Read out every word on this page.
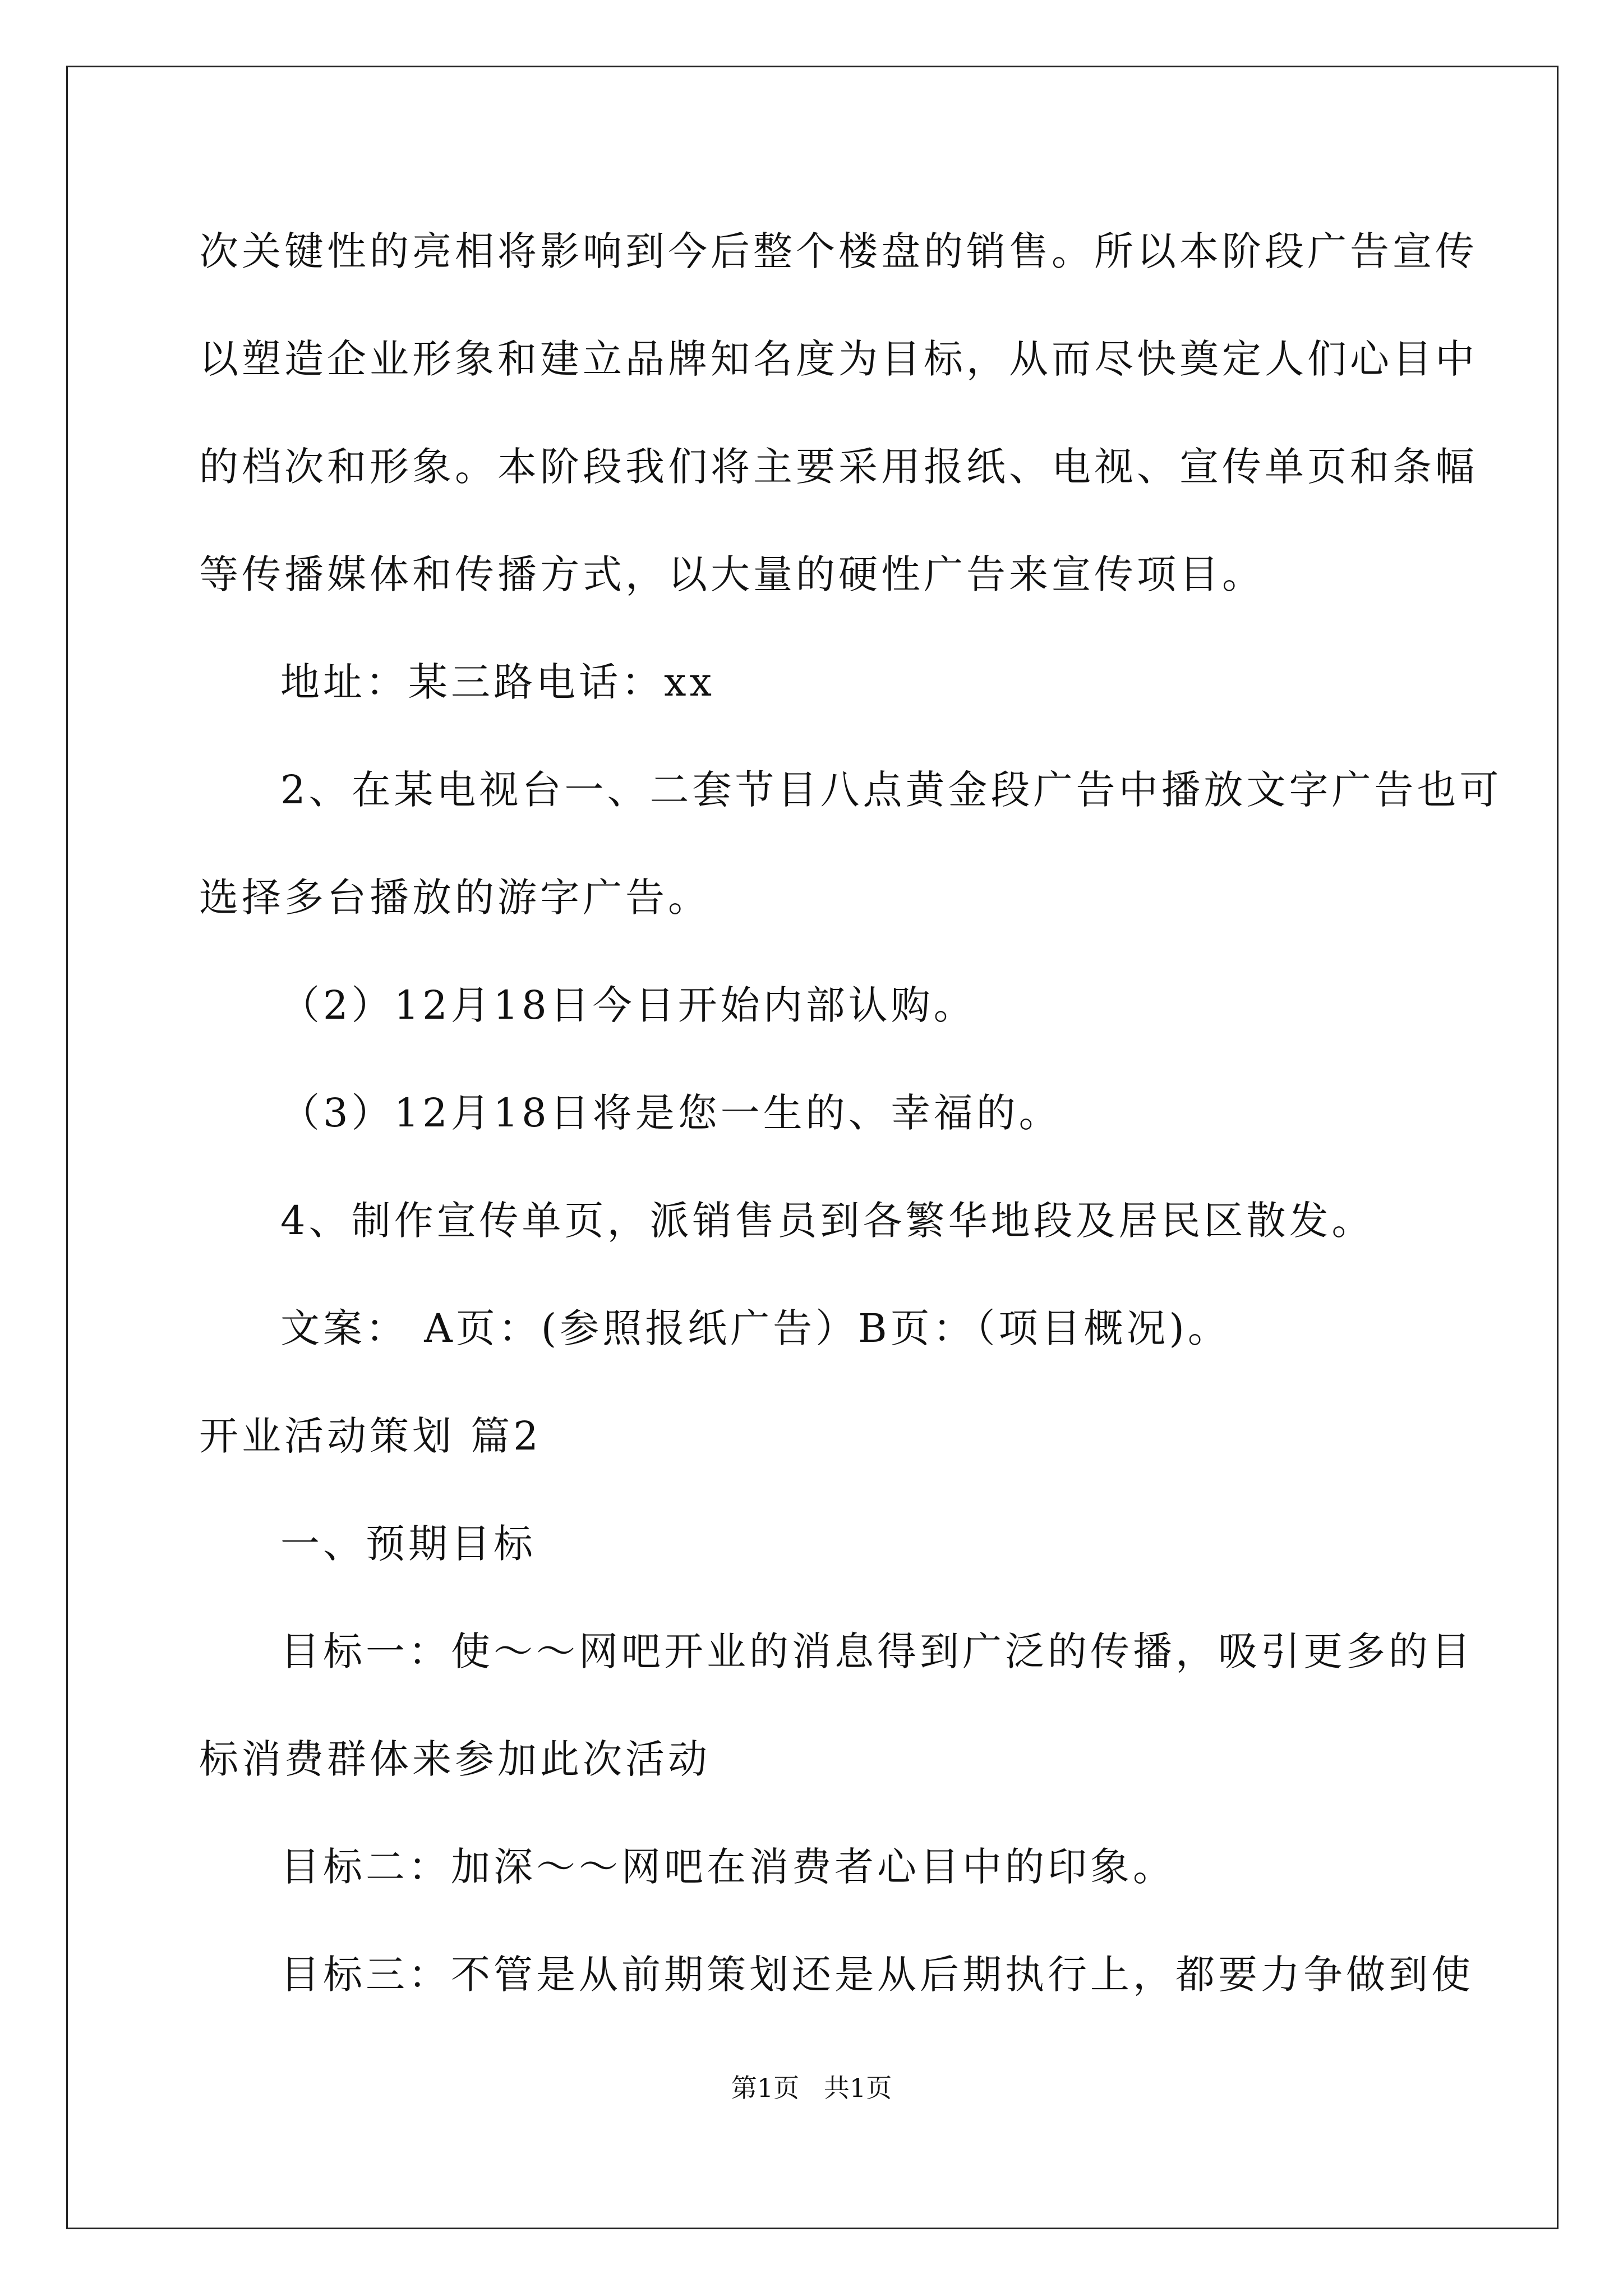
次关键性的亮相将影响到今后整个楼盘的销售。所以本阶段广告宣传

以塑造企业形象和建立品牌知名度为目标，从而尽快奠定人们心目中

的档次和形象。本阶段我们将主要采用报纸、电视、宣传单页和条幅

等传播媒体和传播方式，以大量的硬性广告来宣传项目。

地址：某三路电话：xx

2、在某电视台一、二套节目八点黄金段广告中播放文字广告也可

选择多台播放的游字广告。

（2）12月18日今日开始内部认购。

（3）12月18日将是您一生的、幸福的。

4、制作宣传单页，派销售员到各繁华地段及居民区散发。

文案： A页：(参照报纸广告）B页：（项目概况)。

开业活动策划 篇2

一、预期目标

目标一：使～～网吧开业的消息得到广泛的传播，吸引更多的目

标消费群体来参加此次活动

目标二：加深～～网吧在消费者心目中的印象。

目标三：不管是从前期策划还是从后期执行上，都要力争做到使

第1页   共1页
